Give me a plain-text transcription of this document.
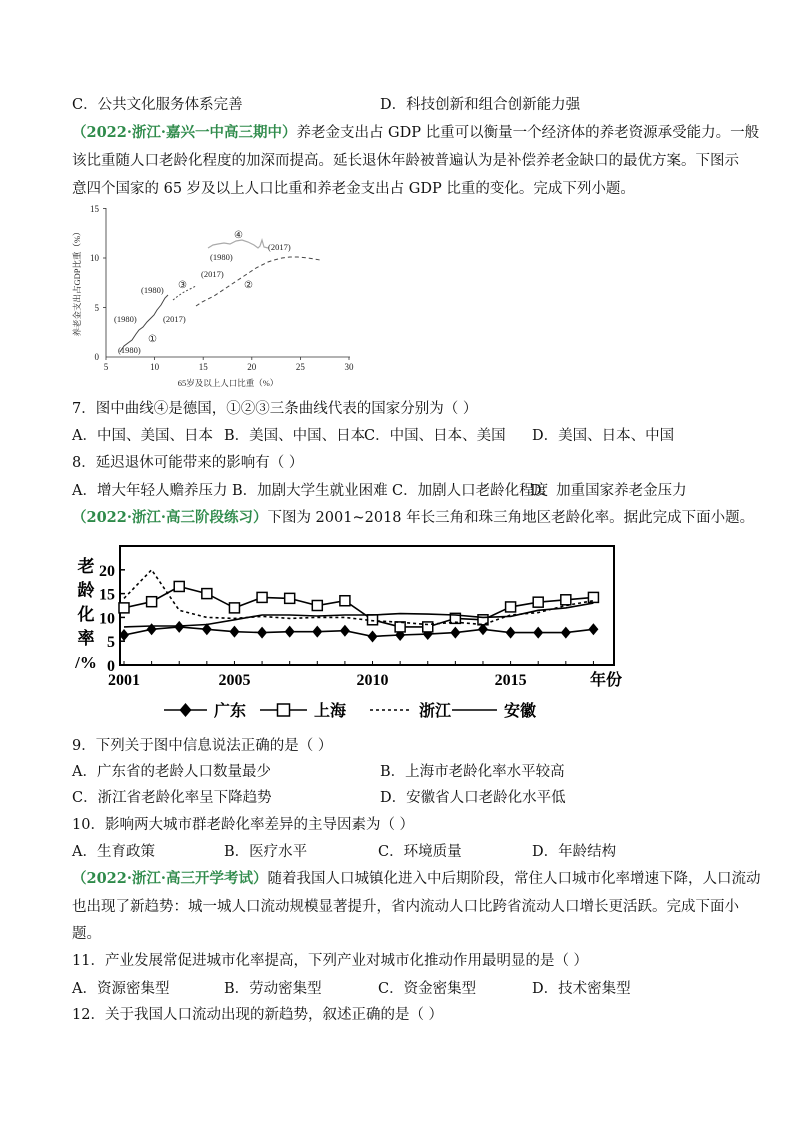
C．公共文化服务体系完善	D．科技创新和组合创新能力强
（2022·浙江·嘉兴一中高三期中）养老金支出占 GDP 比重可以衡量一个经济体的养老资源承受能力。一般
该比重随人口老龄化程度的加深而提高。延长退休年龄被普遍认为是补偿养老金缺口的最优方案。下图示
意四个国家的 65 岁及以上人口比重和养老金支出占 GDP 比重的变化。完成下列小题。
5	10	15	20	25	30
0
5
10
15
65岁及以上人口比重（%）
养老金支出占GDP比重（%）
①
②
③
④
(1980)
(1980)	(2017)
(1980)
(2017)
(1980)
(2017)
7．图中曲线④是德国，①②③三条曲线代表的国家分别为（ ）
A．中国、美国、日本 B．美国、中国、日本
C．中国、日本、美国 D．美国、日本、中国
8．延迟退休可能带来的影响有（ ）
A．增大年轻人赡养压力 B．加剧大学生就业困难 C．加剧人口老龄化程度
D．加重国家养老金压力
（2022·浙江·高三阶段练习）下图为 2001~2018 年长三角和珠三角地区老龄化率。据此完成下面小题。
0
5
10
15
20
老
龄
化
率
/%
2001	2005	2010	2015	年份
广东	上海	浙江	安徽
9．下列关于图中信息说法正确的是（ ）
A．广东省的老龄人口数量最少	B．上海市老龄化率水平较高
C．浙江省老龄化率呈下降趋势	D．安徽省人口老龄化水平低
10．影响两大城市群老龄化率差异的主导因素为（ ）
A．生育政策	B．医疗水平	C．环境质量	D．年龄结构
（2022·浙江·高三开学考试）随着我国人口城镇化进入中后期阶段，常住人口城市化率增速下降，人口流动
也出现了新趋势：城一城人口流动规模显著提升，省内流动人口比跨省流动人口增长更活跃。完成下面小
题。
11．产业发展常促进城市化率提高，下列产业对城市化推动作用最明显的是（ ）
A．资源密集型	B．劳动密集型	C．资金密集型	D．技术密集型
12．关于我国人口流动出现的新趋势，叙述正确的是（ ）
